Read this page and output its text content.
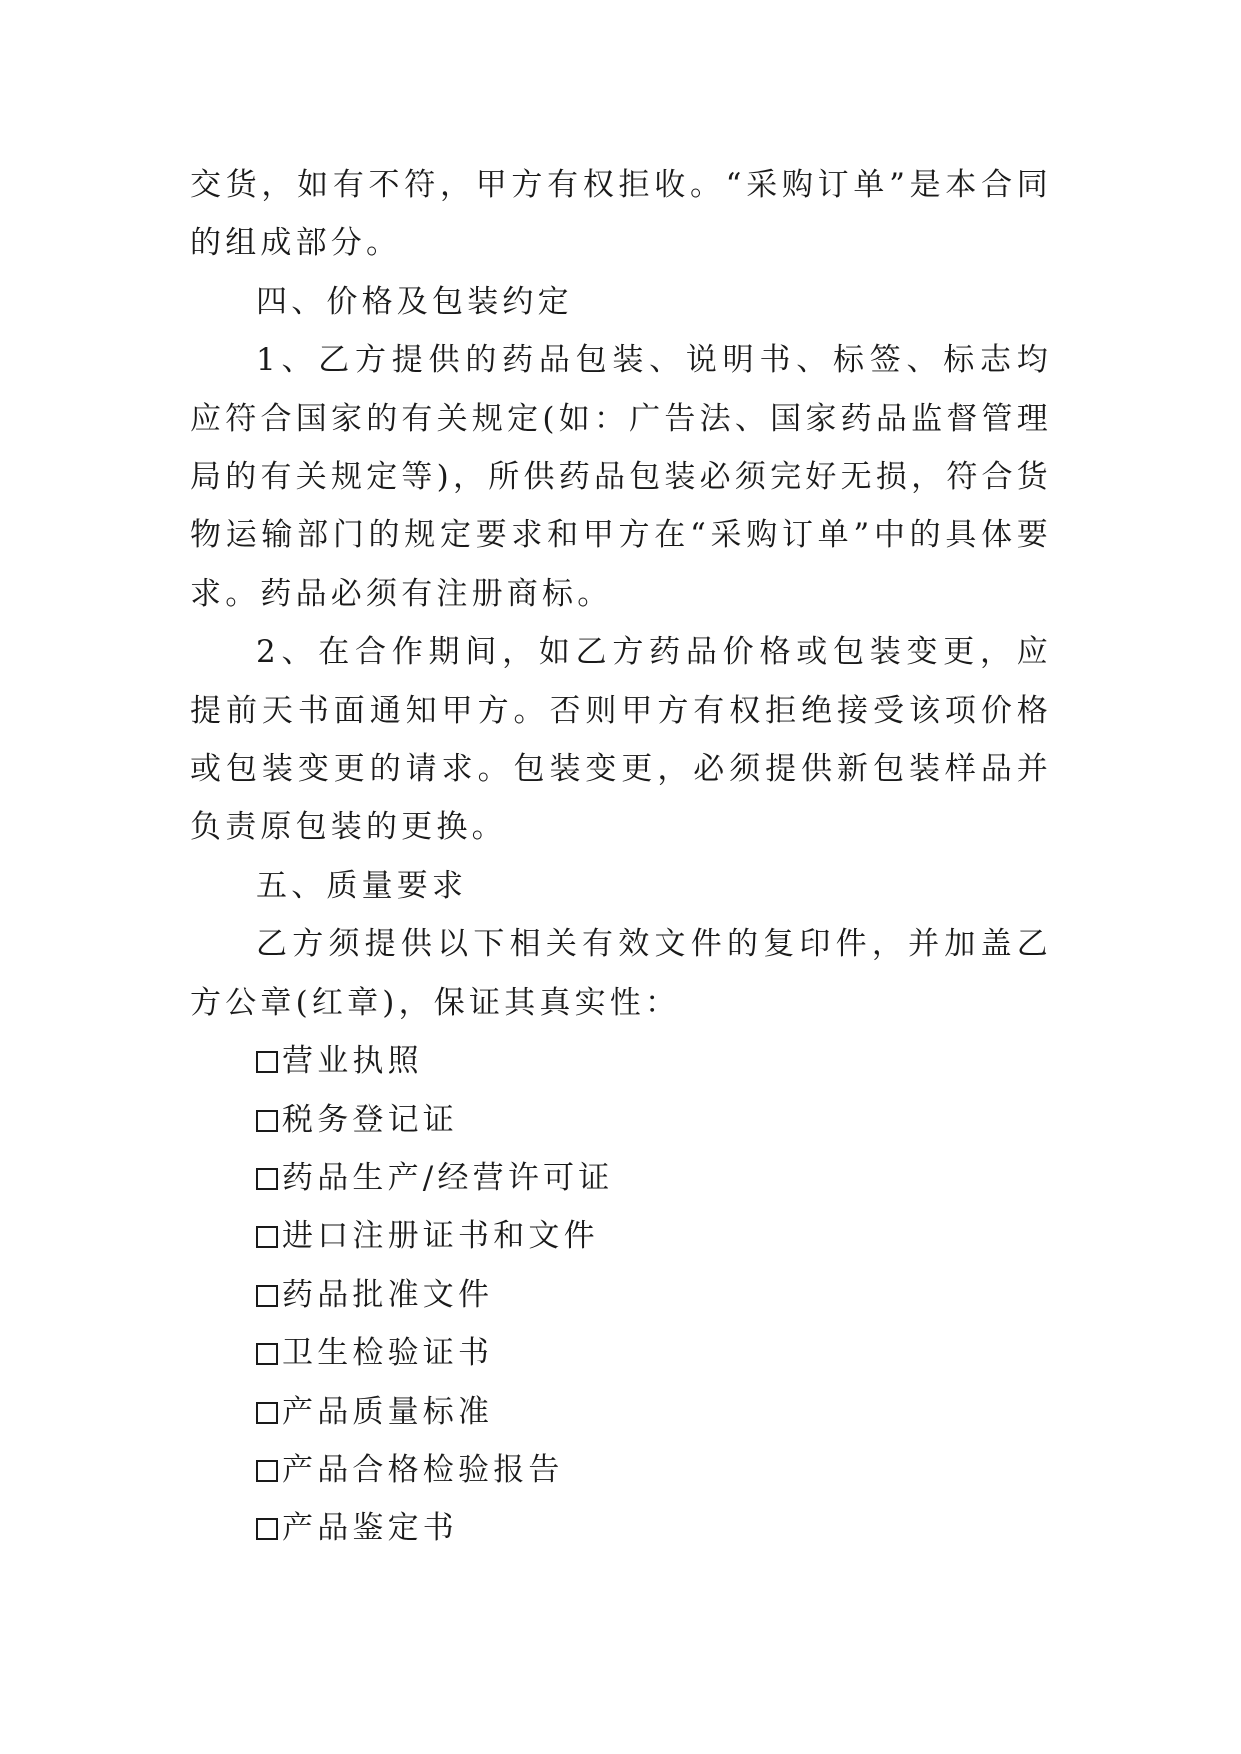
交货，如有不符，甲方有权拒收。“采购订单”是本合同的组成部分。

四、价格及包装约定

1、乙方提供的药品包装、说明书、标签、标志均应符合国家的有关规定(如：广告法、国家药品监督管理局的有关规定等)，所供药品包装必须完好无损，符合货物运输部门的规定要求和甲方在“采购订单”中的具体要求。药品必须有注册商标。

2、在合作期间，如乙方药品价格或包装变更，应提前天书面通知甲方。否则甲方有权拒绝接受该项价格或包装变更的请求。包装变更，必须提供新包装样品并负责原包装的更换。

五、质量要求

乙方须提供以下相关有效文件的复印件，并加盖乙方公章(红章)，保证其真实性：

营业执照
税务登记证
药品生产/经营许可证
进口注册证书和文件
药品批准文件
卫生检验证书
产品质量标准
产品合格检验报告
产品鉴定书
